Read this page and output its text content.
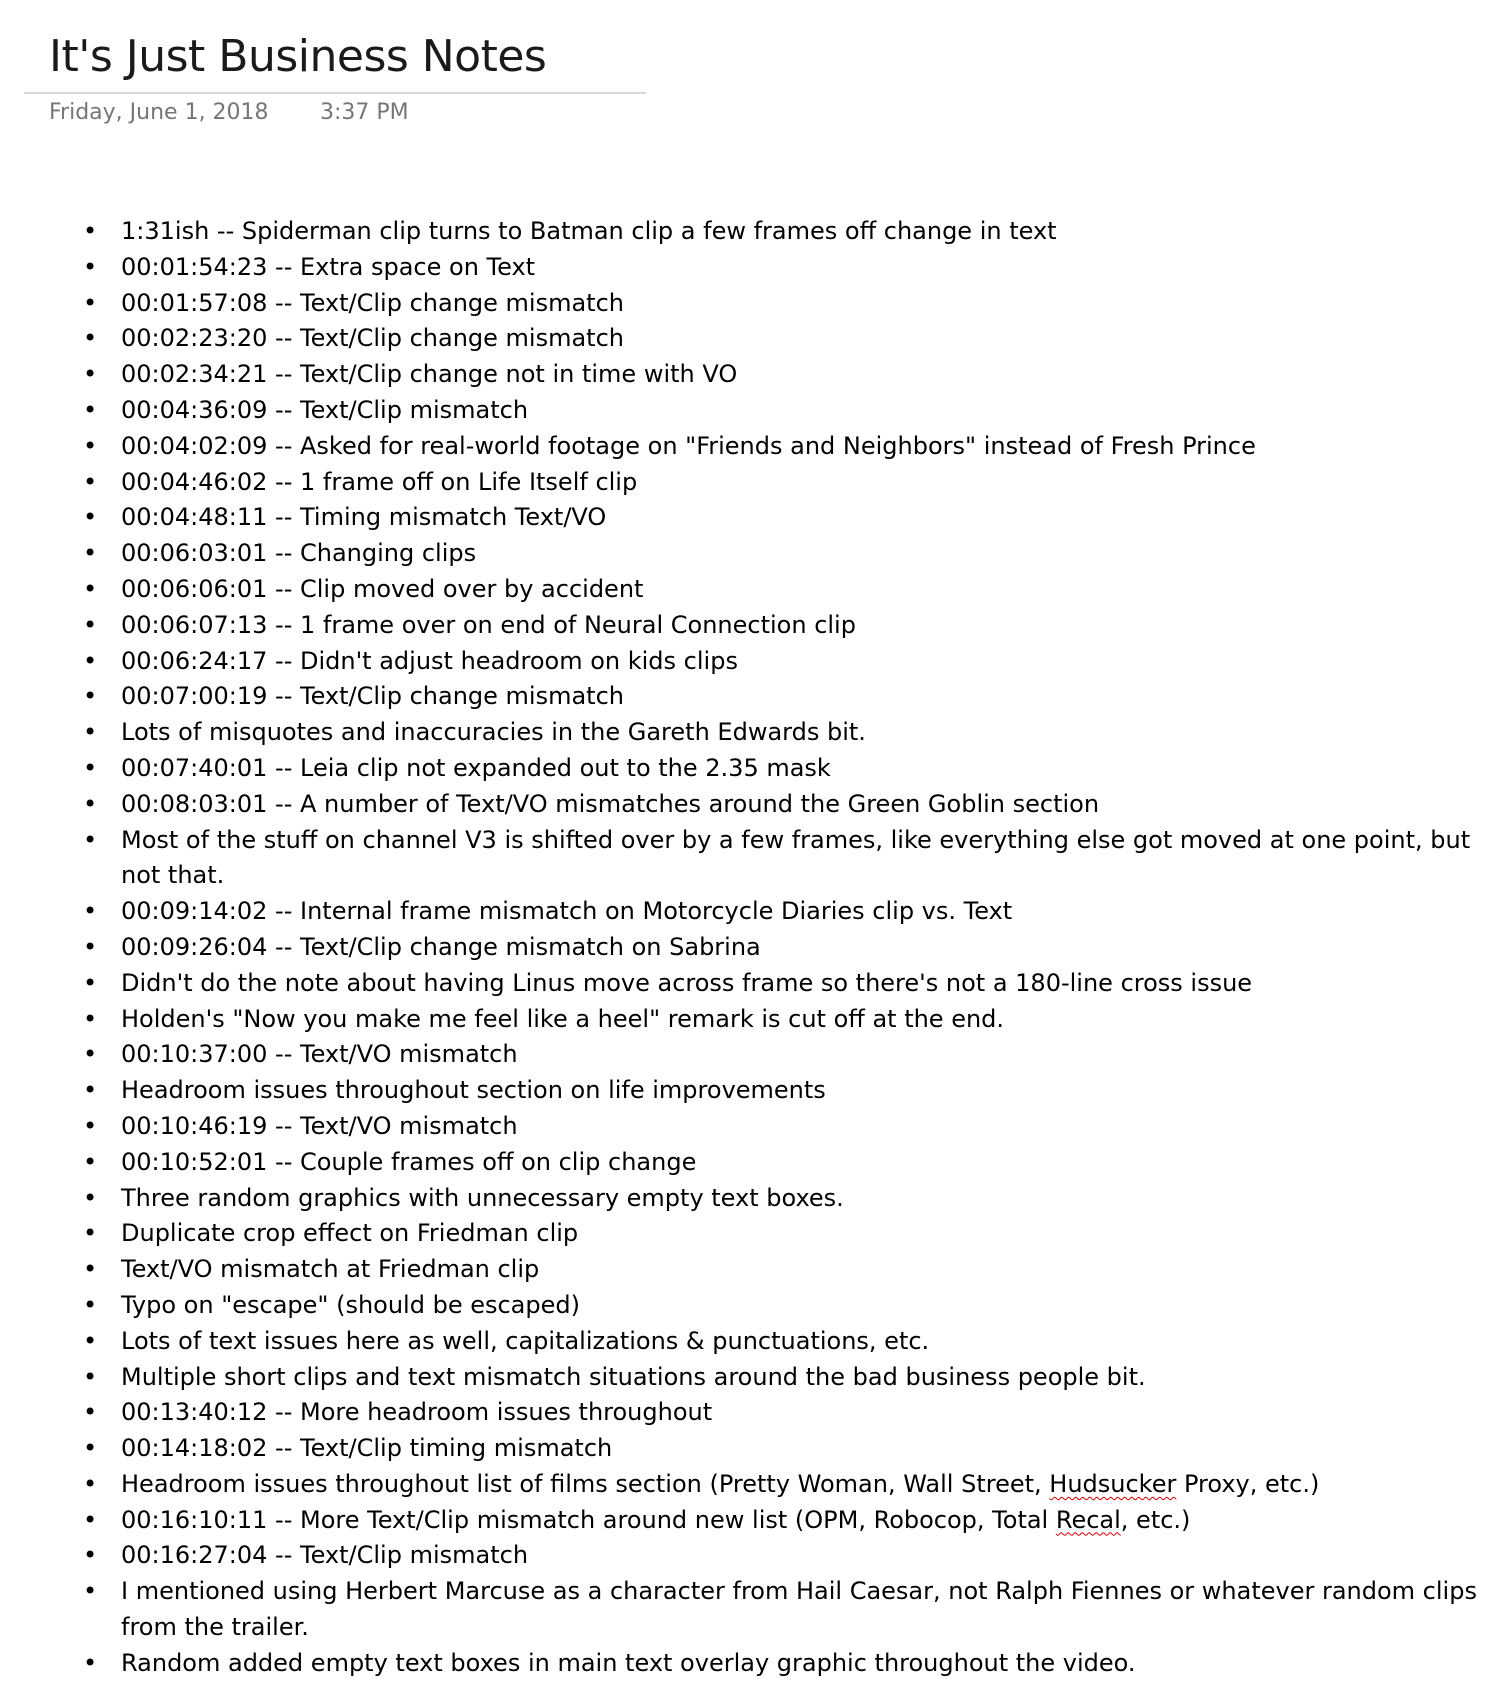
It's Just Business Notes
Friday, June 1, 2018 3:37 PM
• 1:31ish -- Spiderman clip turns to Batman clip a few frames off change in text
• 00:01:54:23 -- Extra space on Text
• 00:01:57:08 -- Text/Clip change mismatch
• 00:02:23:20 -- Text/Clip change mismatch
• 00:02:34:21 -- Text/Clip change not in time with VO
• 00:04:36:09 -- Text/Clip mismatch
• 00:04:02:09 -- Asked for real-world footage on "Friends and Neighbors" instead of Fresh Prince
• 00:04:46:02 -- 1 frame off on Life Itself clip
• 00:04:48:11 -- Timing mismatch Text/VO
• 00:06:03:01 -- Changing clips
• 00:06:06:01 -- Clip moved over by accident
• 00:06:07:13 -- 1 frame over on end of Neural Connection clip
• 00:06:24:17 -- Didn't adjust headroom on kids clips
• 00:07:00:19 -- Text/Clip change mismatch
• Lots of misquotes and inaccuracies in the Gareth Edwards bit.
• 00:07:40:01 -- Leia clip not expanded out to the 2.35 mask
• 00:08:03:01 -- A number of Text/VO mismatches around the Green Goblin section
• Most of the stuff on channel V3 is shifted over by a few frames, like everything else got moved at one point, but not that.
• 00:09:14:02 -- Internal frame mismatch on Motorcycle Diaries clip vs. Text
• 00:09:26:04 -- Text/Clip change mismatch on Sabrina
• Didn't do the note about having Linus move across frame so there's not a 180-line cross issue
• Holden's "Now you make me feel like a heel" remark is cut off at the end.
• 00:10:37:00 -- Text/VO mismatch
• Headroom issues throughout section on life improvements
• 00:10:46:19 -- Text/VO mismatch
• 00:10:52:01 -- Couple frames off on clip change
• Three random graphics with unnecessary empty text boxes.
• Duplicate crop effect on Friedman clip
• Text/VO mismatch at Friedman clip
• Typo on "escape" (should be escaped)
• Lots of text issues here as well, capitalizations & punctuations, etc.
• Multiple short clips and text mismatch situations around the bad business people bit.
• 00:13:40:12 -- More headroom issues throughout
• 00:14:18:02 -- Text/Clip timing mismatch
• Headroom issues throughout list of films section (Pretty Woman, Wall Street, Hudsucker Proxy, etc.)
• 00:16:10:11 -- More Text/Clip mismatch around new list (OPM, Robocop, Total Recal, etc.)
• 00:16:27:04 -- Text/Clip mismatch
• I mentioned using Herbert Marcuse as a character from Hail Caesar, not Ralph Fiennes or whatever random clips from the trailer.
• Random added empty text boxes in main text overlay graphic throughout the video.
